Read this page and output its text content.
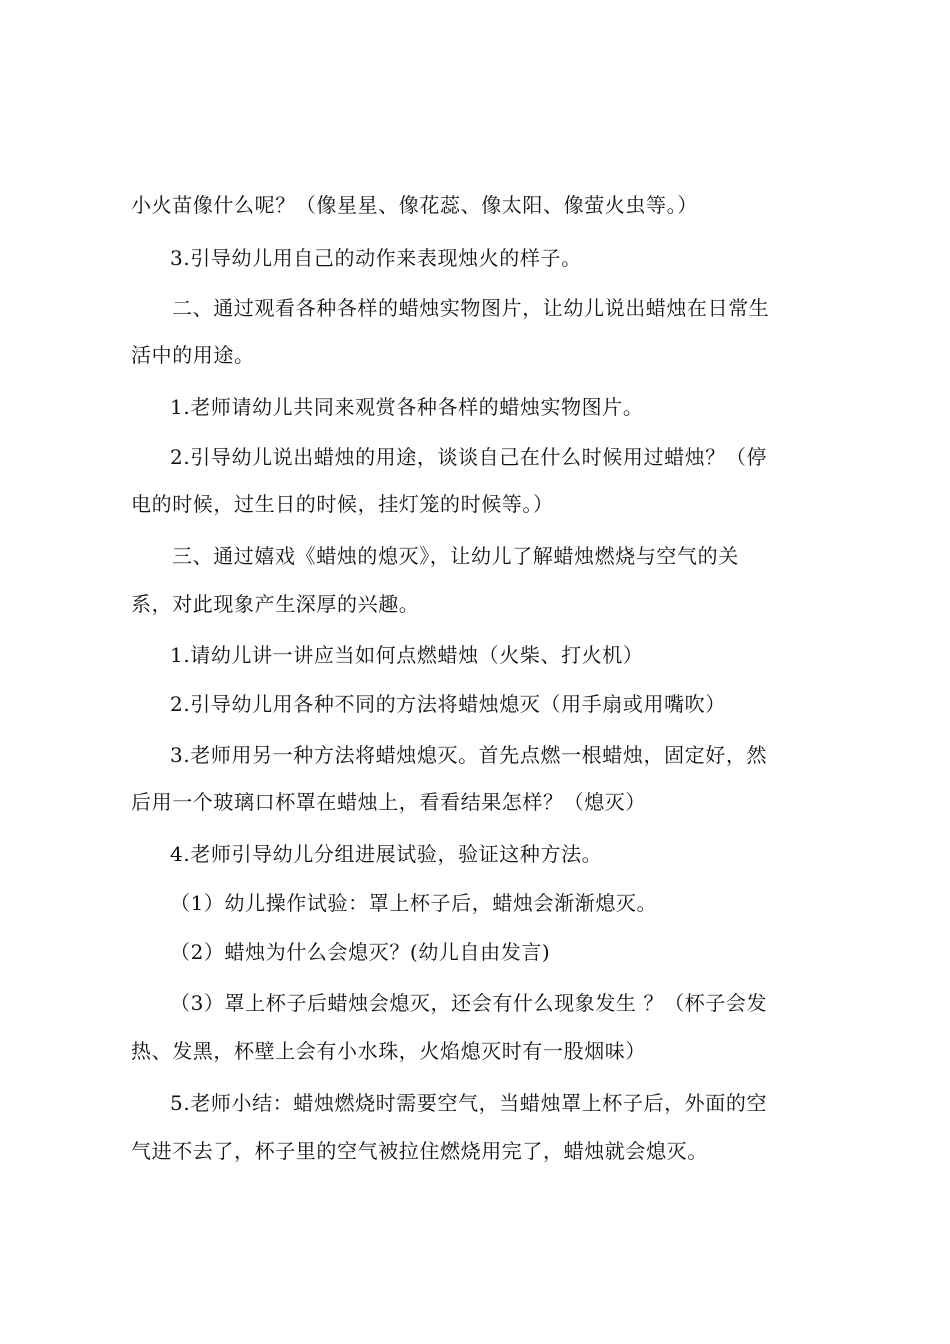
小火苗像什么呢？（像星星、像花蕊、像太阳、像萤火虫等。）
3.引导幼儿用自己的动作来表现烛火的样子。
二、通过观看各种各样的蜡烛实物图片，让幼儿说出蜡烛在日常生
活中的用途。
1.老师请幼儿共同来观赏各种各样的蜡烛实物图片。
2.引导幼儿说出蜡烛的用途，谈谈自己在什么时候用过蜡烛？（停
电的时候，过生日的时候，挂灯笼的时候等。）
三、通过嬉戏《蜡烛的熄灭》，让幼儿了解蜡烛燃烧与空气的关
系，对此现象产生深厚的兴趣。
1.请幼儿讲一讲应当如何点燃蜡烛（火柴、打火机）
2.引导幼儿用各种不同的方法将蜡烛熄灭（用手扇或用嘴吹）
3.老师用另一种方法将蜡烛熄灭。首先点燃一根蜡烛，固定好，然
后用一个玻璃口杯罩在蜡烛上，看看结果怎样？（熄灭）
4.老师引导幼儿分组进展试验，验证这种方法。
（1）幼儿操作试验：罩上杯子后，蜡烛会渐渐熄灭。
（2）蜡烛为什么会熄灭？(幼儿自由发言)
（3）罩上杯子后蜡烛会熄灭，还会有什么现象发生 ？（杯子会发
热、发黑，杯壁上会有小水珠，火焰熄灭时有一股烟味）
5.老师小结：蜡烛燃烧时需要空气，当蜡烛罩上杯子后，外面的空
气进不去了，杯子里的空气被拉住燃烧用完了，蜡烛就会熄灭。
